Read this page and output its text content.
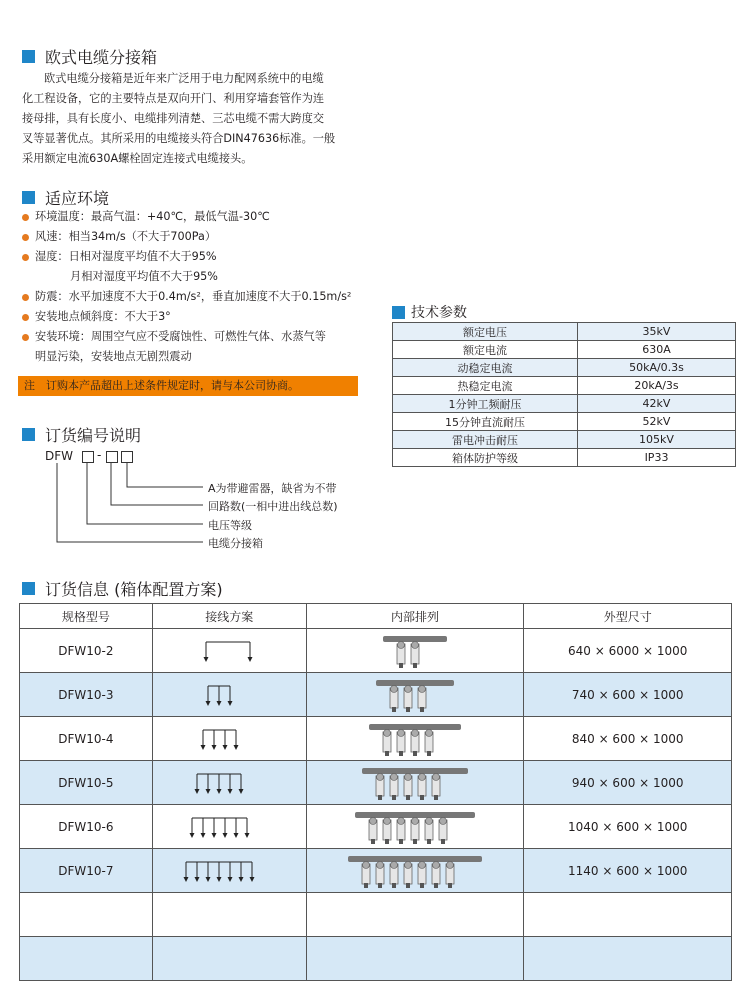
欧式电缆分接箱

欧式电缆分接箱是近年来广泛用于电力配网系统中的电缆

化工程设备，它的主要特点是双向开门、利用穿墙套管作为连
接母排，具有长度小、电缆排列清楚、三芯电缆不需大跨度交
叉等显著优点。其所采用的电缆接头符合DIN47636标准。一般
采用额定电流630A螺栓固定连接式电缆接头。
适应环境
环境温度：最高气温：+40℃，最低气温-30℃
风速：相当34m/s（不大于700Pa）
湿度：日相对湿度平均值不大于95%
月相对湿度平均值不大于95%
防震：水平加速度不大于0.4m/s²，垂直加速度不大于0.15m/s²
安装地点倾斜度：不大于3°
安装环境：周围空气应不受腐蚀性、可燃性气体、水蒸气等
明显污染，安装地点无剧烈震动
注　订购本产品超出上述条件规定时，请与本公司协商。
技术参数
额定电压	35kV
额定电流	630A
动稳定电流	50kA/0.3s
热稳定电流	20kA/3s
1分钟工频耐压	42kV
15分钟直流耐压	52kV
雷电冲击耐压	105kV
箱体防护等级	IP33
订货编号说明
DFW -
A为带避雷器，缺省为不带
回路数(一相中进出线总数)
电压等级
电缆分接箱
订货信息 (箱体配置方案)
规格型号	接线方案	内部排列	外型尺寸
DFW10-2			640 × 6000 × 1000
DFW10-3			740 × 600 × 1000
DFW10-4			840 × 600 × 1000
DFW10-5			940 × 600 × 1000
DFW10-6			1040 × 600 × 1000
DFW10-7			1140 × 600 × 1000
